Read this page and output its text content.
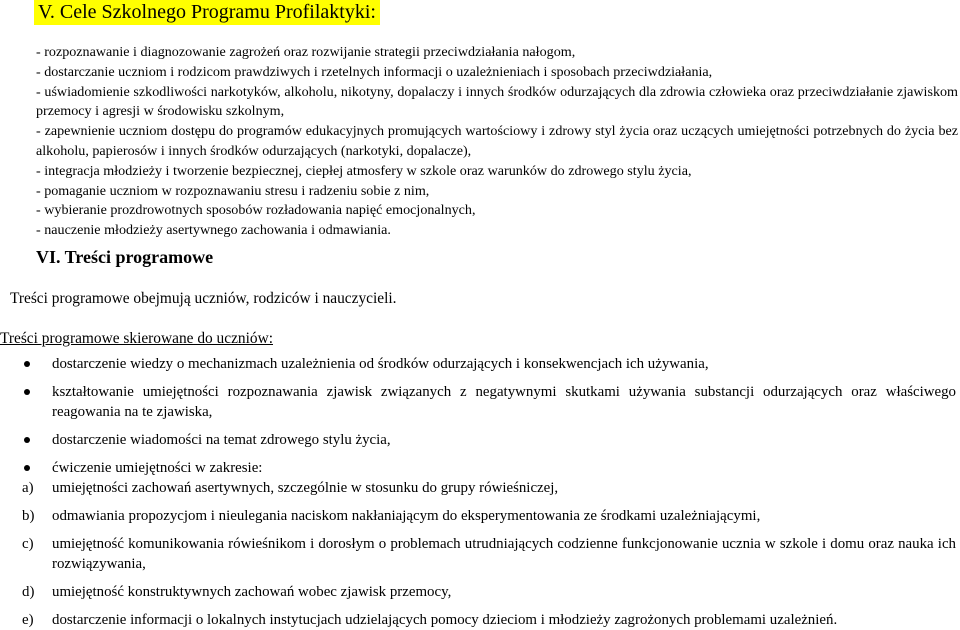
V. Cele Szkolnego Programu Profilaktyki:

- rozpoznawanie i diagnozowanie zagrożeń oraz rozwijanie strategii przeciwdziałania nałogom,

- dostarczanie uczniom i rodzicom prawdziwych i rzetelnych informacji o uzależnieniach i sposobach przeciwdziałania,

- uświadomienie szkodliwości narkotyków, alkoholu, nikotyny, dopalaczy i innych środków odurzających dla zdrowia człowieka oraz przeciwdziałanie zjawiskom przemocy i agresji w środowisku szkolnym,

- zapewnienie uczniom dostępu do programów edukacyjnych promujących wartościowy i zdrowy styl życia oraz uczących umiejętności potrzebnych do życia bez alkoholu, papierosów i innych środków odurzających (narkotyki, dopalacze),

- integracja młodzieży i tworzenie bezpiecznej, ciepłej atmosfery w szkole oraz warunków do zdrowego stylu życia,

- pomaganie uczniom w rozpoznawaniu stresu i radzeniu sobie z nim,

- wybieranie prozdrowotnych sposobów rozładowania napięć emocjonalnych,

- nauczenie młodzieży asertywnego zachowania i odmawiania.

VI. Treści programowe
Treści programowe obejmują uczniów, rodziców i nauczycieli.
Treści programowe skierowane do uczniów:
dostarczenie wiedzy o mechanizmach uzależnienia od środków odurzających i konsekwencjach ich używania,
kształtowanie umiejętności rozpoznawania zjawisk związanych z negatywnymi skutkami używania substancji odurzających oraz właściwego reagowania na te zjawiska,
dostarczenie wiadomości na temat zdrowego stylu życia,
ćwiczenie umiejętności w zakresie:
a) umiejętności zachowań asertywnych, szczególnie w stosunku do grupy rówieśniczej,
b) odmawiania propozycjom i nieulegania naciskom nakłaniającym do eksperymentowania ze środkami uzależniającymi,
c) umiejętność komunikowania rówieśnikom i dorosłym o problemach utrudniających codzienne funkcjonowanie ucznia w szkole i domu oraz nauka ich rozwiązywania,
d) umiejętność konstruktywnych zachowań wobec zjawisk przemocy,
e) dostarczenie informacji o lokalnych instytucjach udzielających pomocy dzieciom i młodzieży zagrożonych problemami uzależnień.
